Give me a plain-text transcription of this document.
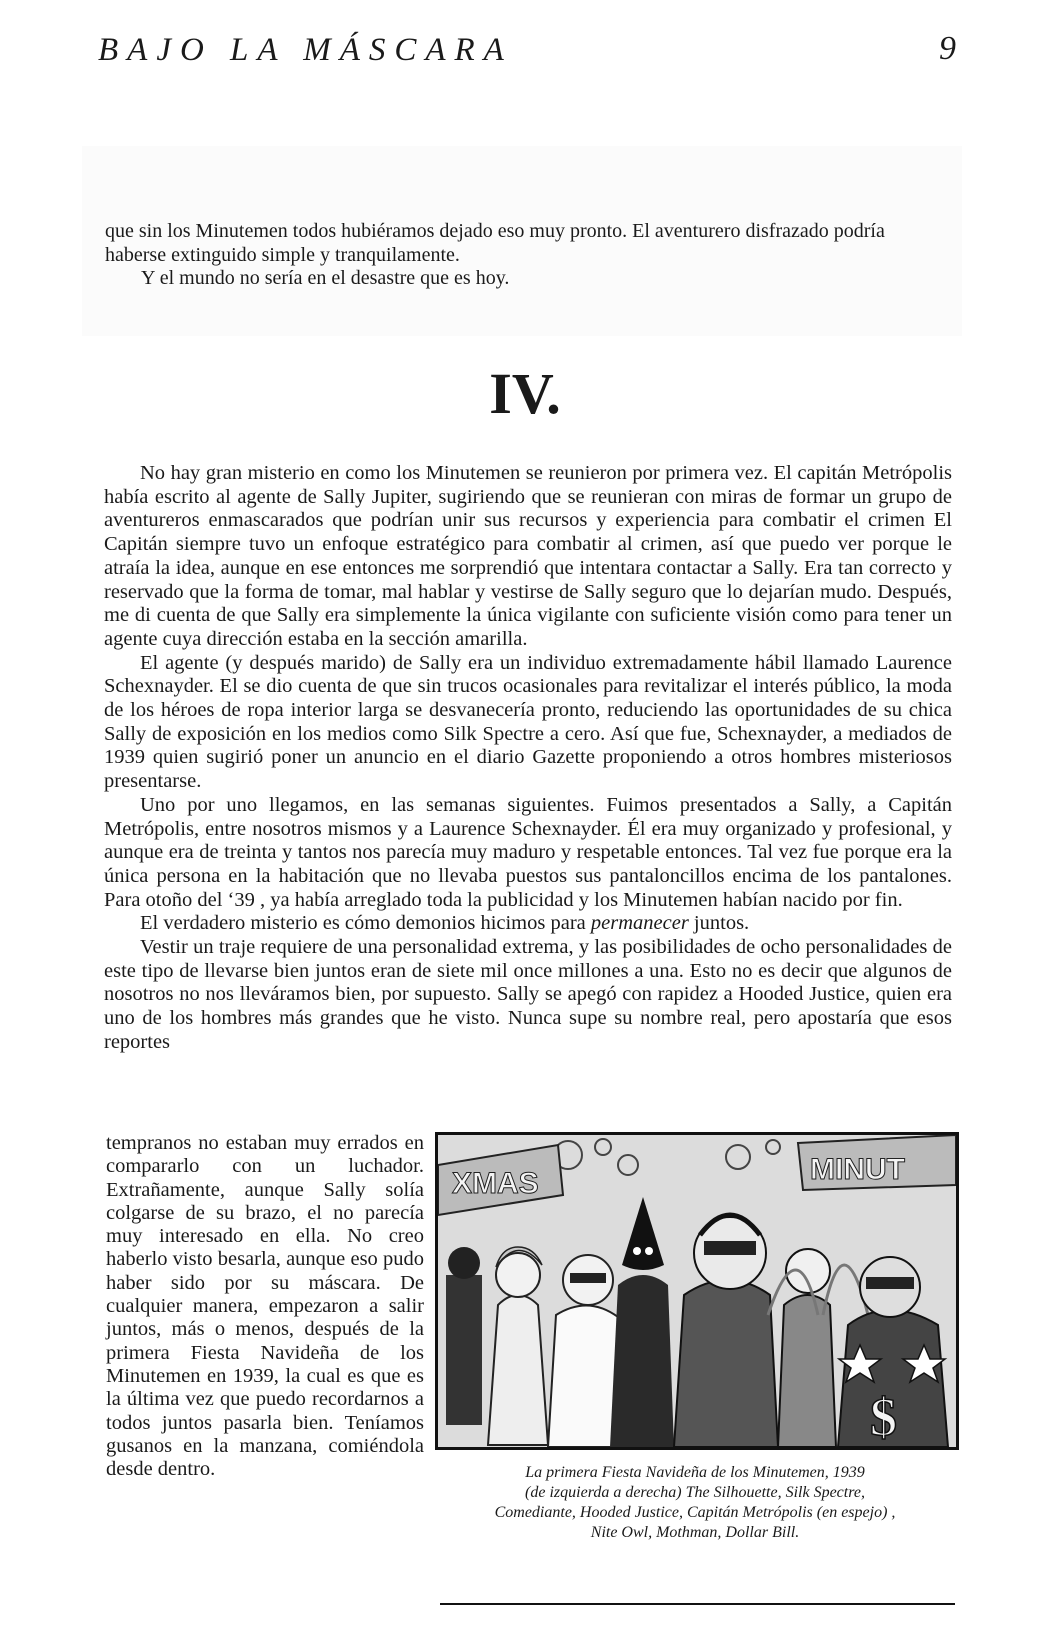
BAJO LA MÁSCARA	9

que sin los Minutemen todos hubiéramos dejado eso muy pronto. El aventurero disfrazado podría haberse extinguido simple y tranquilamente.

Y el mundo no sería en el desastre que es hoy.

IV.

No hay gran misterio en como los Minutemen se reunieron por primera vez. El capitán Metrópolis había escrito al agente de Sally Jupiter, sugiriendo que se reunieran con miras de formar un grupo de aventureros enmascarados que podrían unir sus recursos y experiencia para combatir el crimen El Capitán siempre tuvo un enfoque estratégico para combatir al crimen, así que puedo ver porque le atraía la idea, aunque en ese entonces me sorprendió que intentara contactar a Sally. Era tan correcto y reservado que la forma de tomar, mal hablar y vestirse de Sally seguro que lo dejarían mudo. Después, me di cuenta de que Sally era simplemente la única vigilante con suficiente visión como para tener un agente cuya dirección estaba en la sección amarilla.

El agente (y después marido) de Sally era un individuo extremadamente hábil llamado Laurence Schexnayder. El se dio cuenta de que sin trucos ocasionales para revitalizar el interés público, la moda de los héroes de ropa interior larga se desvanecería pronto, reduciendo las oportunidades de su chica Sally de exposición en los medios como Silk Spectre a cero. Así que fue, Schexnayder, a mediados de 1939 quien sugirió poner un anuncio en el diario Gazette proponiendo a otros hombres misteriosos presentarse.

Uno por uno llegamos, en las semanas siguientes. Fuimos presentados a Sally, a Capitán Metrópolis, entre nosotros mismos y a Laurence Schexnayder. Él era muy organizado y profesional, y aunque era de treinta y tantos nos parecía muy maduro y respetable entonces. Tal vez fue porque era la única persona en la habitación que no llevaba puestos sus pantaloncillos encima de los pantalones. Para otoño del ‘39 , ya había arreglado toda la publicidad y los Minutemen habían nacido por fin.

El verdadero misterio es cómo demonios hicimos para permanecer juntos.

Vestir un traje requiere de una personalidad extrema, y las posibilidades de ocho personalidades de este tipo de llevarse bien juntos eran de siete mil once millones a una. Esto no es decir que algunos de nosotros no nos lleváramos bien, por supuesto. Sally se apegó con rapidez a Hooded Justice, quien era uno de los hombres más grandes que he visto. Nunca supe su nombre real, pero apostaría que esos reportes

tempranos no estaban muy errados en compararlo con un luchador. Extrañamente, aunque Sally solía colgarse de su brazo, el no parecía muy interesado en ella. No creo haberlo visto besarla, aunque eso pudo haber sido por su máscara. De cualquier manera, empezaron a salir juntos, más o menos, después de la primera Fiesta Navideña de los Minutemen en 1939, la cual es que es la última vez que puedo recordarnos a todos juntos pasarla bien. Teníamos gusanos en la manzana, comiéndola desde dentro.

XMAS	MINUT
$
La primera Fiesta Navideña de los Minutemen, 1939
(de izquierda a derecha) The Silhouette, Silk Spectre,
Comediante, Hooded Justice, Capitán Metrópolis (en espejo) ,
Nite Owl, Mothman, Dollar Bill.
